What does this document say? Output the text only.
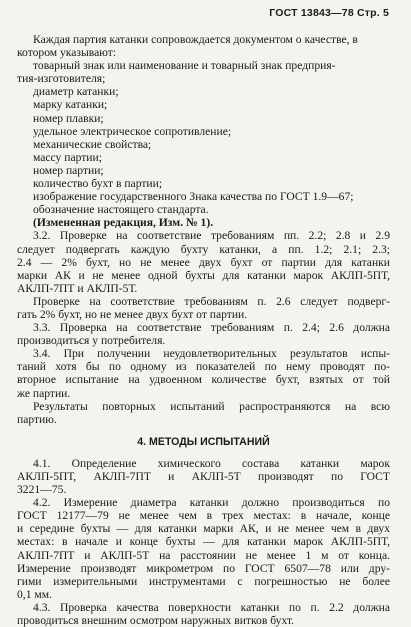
ГОСТ 13843—78 Стр. 5
Каждая партия катанки сопровождается документом о качестве, в
котором указывают:
товарный знак или наименование и товарный знак предприя-
тия-изготовителя;
диаметр катанки;
марку катанки;
номер плавки;
удельное электрическое сопротивление;
механические свойства;
массу партии;
номер партии;
количество бухт в партии;
изображение государственного Знака качества по ГОСТ 1.9—67;
обозначение настоящего стандарта.
(Измененная редакция, Изм. № 1).
3.2. Проверке на соответствие требованиям пп. 2.2; 2.8 и 2.9
следует подвергать каждую бухту катанки, а пп. 1.2; 2.1; 2.3;
2.4 — 2% бухт, но не менее двух бухт от партии для катанки
марки АК и не менее одной бухты для катанки марок АКЛП-5ПТ,
АКЛП-7ПТ и АКЛП-5Т.
Проверке на соответствие требованиям п. 2.6 следует подверг-
гать 2% бухт, но не менее двух бухт от партии.
3.3. Проверка на соответствие требованиям п. 2.4; 2.6 должна
производиться у потребителя.
3.4. При получении неудовлетворительных результатов испы-
таний хотя бы по одному из показателей по нему проводят по-
вторное испытание на удвоенном количестве бухт, взятых от той
же партии.
Результаты повторных испытаний распространяются на всю
партию.
4. МЕТОДЫ ИСПЫТАНИЙ
4.1. Определение химического состава катанки марок
АКЛП-5ПТ, АКЛП-7ПТ и АКЛП-5Т производят по ГОСТ
3221—75.
4.2. Измерение диаметра катанки должно производиться по
ГОСТ 12177—79 не менее чем в трех местах: в начале, конце
и середине бухты — для катанки марки АК, и не менее чем в двух
местах: в начале и конце бухты — для катанки марок АКЛП-5ПТ,
АКЛП-7ПТ и АКЛП-5Т на расстоянии не менее 1 м от конца.
Измерение производят микрометром по ГОСТ 6507—78 или дру-
гими измерительными инструментами с погрешностью не более
0,1 мм.
4.3. Проверка качества поверхности катанки по п. 2.2 должна
проводиться внешним осмотром наружных витков бухт.
